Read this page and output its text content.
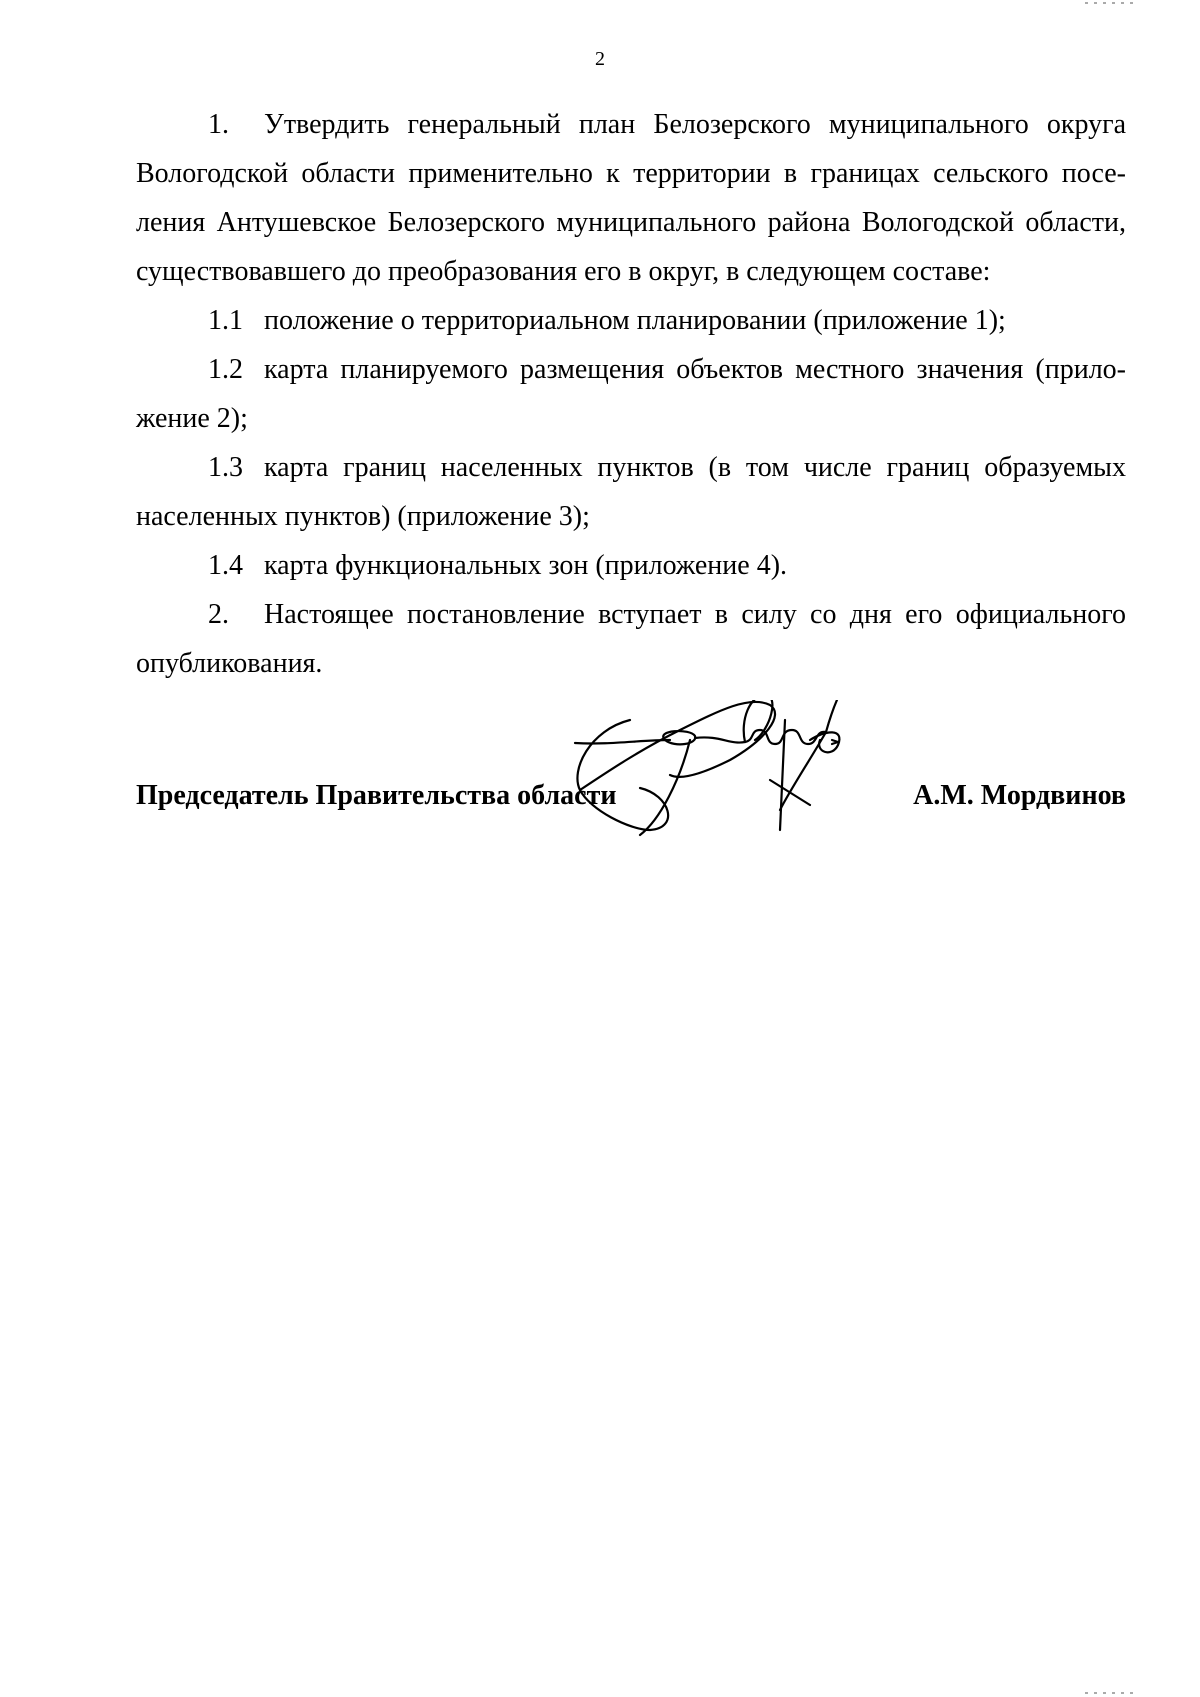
2

1. Утвердить генеральный план Белозерского муниципального округа Вологодской области применительно к территории в границах сельского поселения Антушевское Белозерского муниципального района Вологодской области, существовавшего до преобразования его в округ, в следующем составе:

1.1 положение о территориальном планировании (приложение 1);

1.2 карта планируемого размещения объектов местного значения (приложение 2);

1.3 карта границ населенных пунктов (в том числе границ образуемых населенных пунктов) (приложение 3);

1.4 карта функциональных зон (приложение 4).

2. Настоящее постановление вступает в силу со дня его официального опубликования.

Председатель Правительства области	А.М. Мордвинов
